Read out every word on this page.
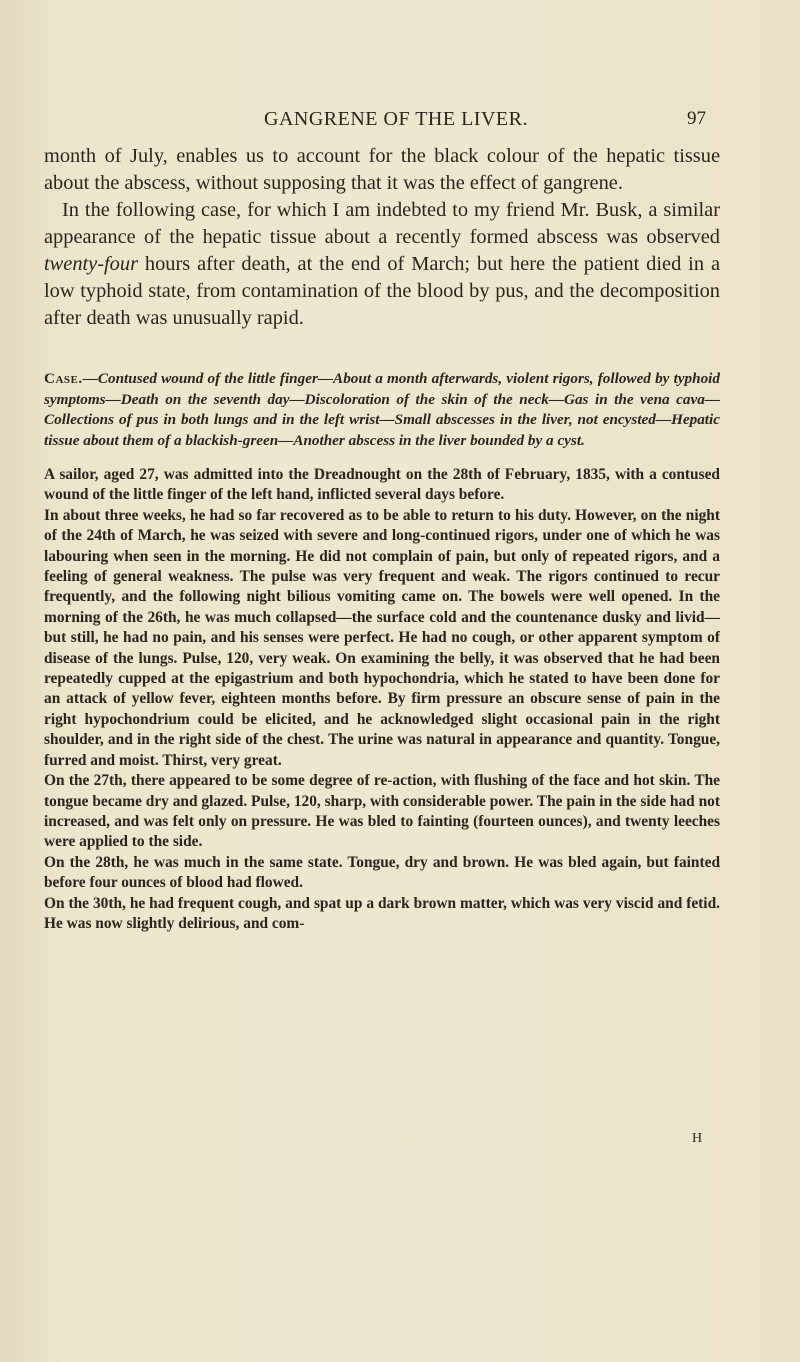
GANGRENE OF THE LIVER.	97

month of July, enables us to account for the black colour of the hepatic tissue about the abscess, without supposing that it was the effect of gangrene.

In the following case, for which I am indebted to my friend Mr. Busk, a similar appearance of the hepatic tissue about a recently formed abscess was observed twenty-four hours after death, at the end of March; but here the patient died in a low typhoid state, from contamination of the blood by pus, and the decomposition after death was unusually rapid.

Case.—Contused wound of the little finger—About a month afterwards, violent rigors, followed by typhoid symptoms—Death on the seventh day—Discoloration of the skin of the neck—Gas in the vena cava—Collections of pus in both lungs and in the left wrist—Small abscesses in the liver, not encysted—Hepatic tissue about them of a blackish-green—Another abscess in the liver bounded by a cyst.

A sailor, aged 27, was admitted into the Dreadnought on the 28th of February, 1835, with a contused wound of the little finger of the left hand, inflicted several days before.

In about three weeks, he had so far recovered as to be able to return to his duty. However, on the night of the 24th of March, he was seized with severe and long-continued rigors, under one of which he was labouring when seen in the morning. He did not complain of pain, but only of repeated rigors, and a feeling of general weakness. The pulse was very frequent and weak. The rigors continued to recur frequently, and the following night bilious vomiting came on. The bowels were well opened. In the morning of the 26th, he was much collapsed—the surface cold and the countenance dusky and livid—but still, he had no pain, and his senses were perfect. He had no cough, or other apparent symptom of disease of the lungs. Pulse, 120, very weak. On examining the belly, it was observed that he had been repeatedly cupped at the epigastrium and both hypochondria, which he stated to have been done for an attack of yellow fever, eighteen months before. By firm pressure an obscure sense of pain in the right hypochondrium could be elicited, and he acknowledged slight occasional pain in the right shoulder, and in the right side of the chest. The urine was natural in appearance and quantity. Tongue, furred and moist. Thirst, very great.

On the 27th, there appeared to be some degree of re-action, with flushing of the face and hot skin. The tongue became dry and glazed. Pulse, 120, sharp, with considerable power. The pain in the side had not increased, and was felt only on pressure. He was bled to fainting (fourteen ounces), and twenty leeches were applied to the side.

On the 28th, he was much in the same state. Tongue, dry and brown. He was bled again, but fainted before four ounces of blood had flowed.

On the 30th, he had frequent cough, and spat up a dark brown matter, which was very viscid and fetid. He was now slightly delirious, and com-

H
